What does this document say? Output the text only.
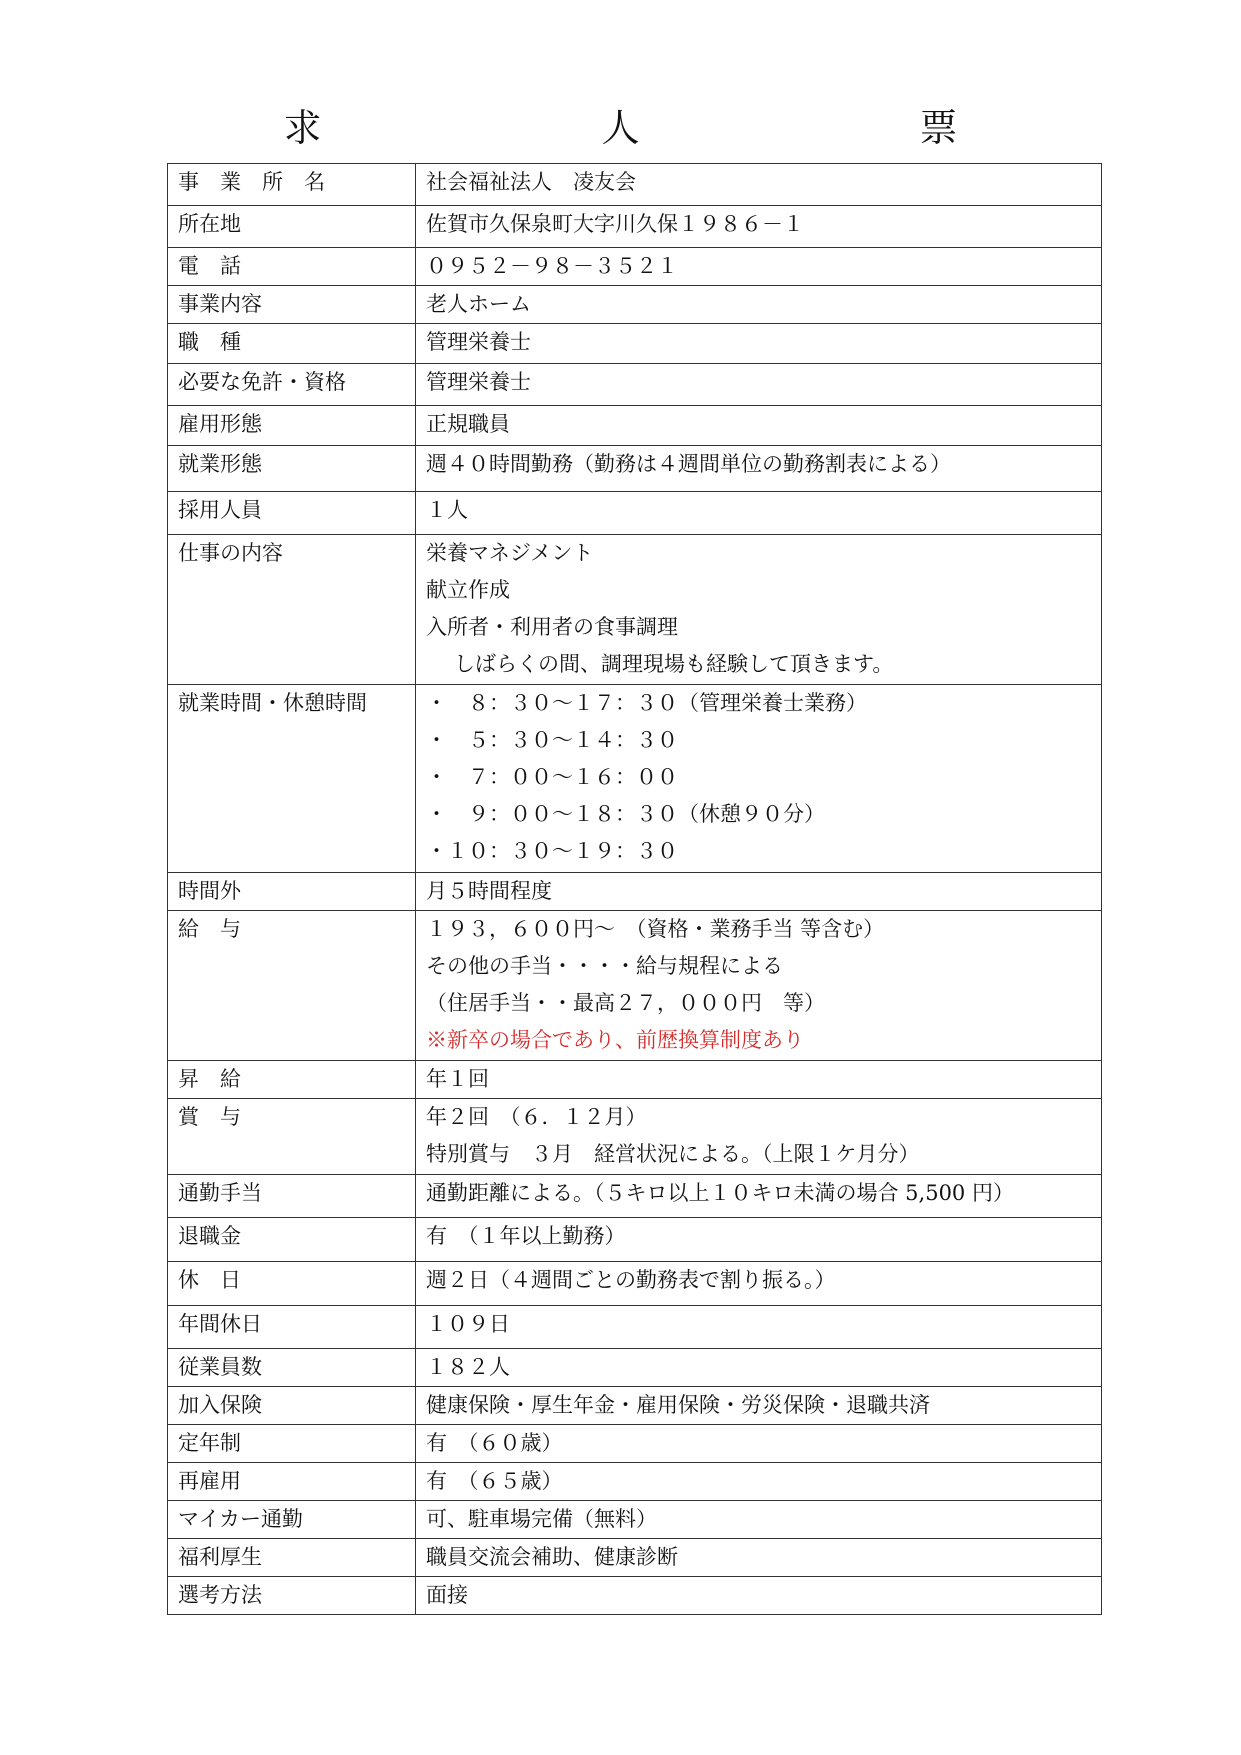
求　　人　　票
事　業　所　名	社会福祉法人　凌友会

所在地	佐賀市久保泉町大字川久保１９８６－１

電　話	０９５２－９８－３５２１

事業内容	老人ホーム

職　種	管理栄養士

必要な免許・資格	管理栄養士

雇用形態	正規職員

就業形態	週４０時間勤務（勤務は４週間単位の勤務割表による）

採用人員	１人

仕事の内容	栄養マネジメント
献立作成
入所者・利用者の食事調理
しばらくの間、調理現場も経験して頂きます。

就業時間・休憩時間	・　８：３０～１７：３０（管理栄養士業務）
・　５：３０～１４：３０
・　７：００～１６：００
・　９：００～１８：３０（休憩９０分）
・１０：３０～１９：３０

時間外	月５時間程度

給　与	１９３，６００円～　（資格・業務手当 等含む）
その他の手当・・・・給与規程による
（住居手当・・最高２７，０００円　等）
※新卒の場合であり、前歴換算制度あり

昇　給	年１回

賞　与	年２回　（６．１２月）
特別賞与　３月　経営状況による。（上限１ケ月分）

通勤手当	通勤距離による。（５キロ以上１０キロ未満の場合 5,500 円）

退職金	有　（１年以上勤務）

休　日	週２日（４週間ごとの勤務表で割り振る。）

年間休日	１０９日

従業員数	１８２人

加入保険	健康保険・厚生年金・雇用保険・労災保険・退職共済

定年制	有　（６０歳）

再雇用	有　（６５歳）

マイカー通勤	可、駐車場完備（無料）

福利厚生	職員交流会補助、健康診断

選考方法	面接
